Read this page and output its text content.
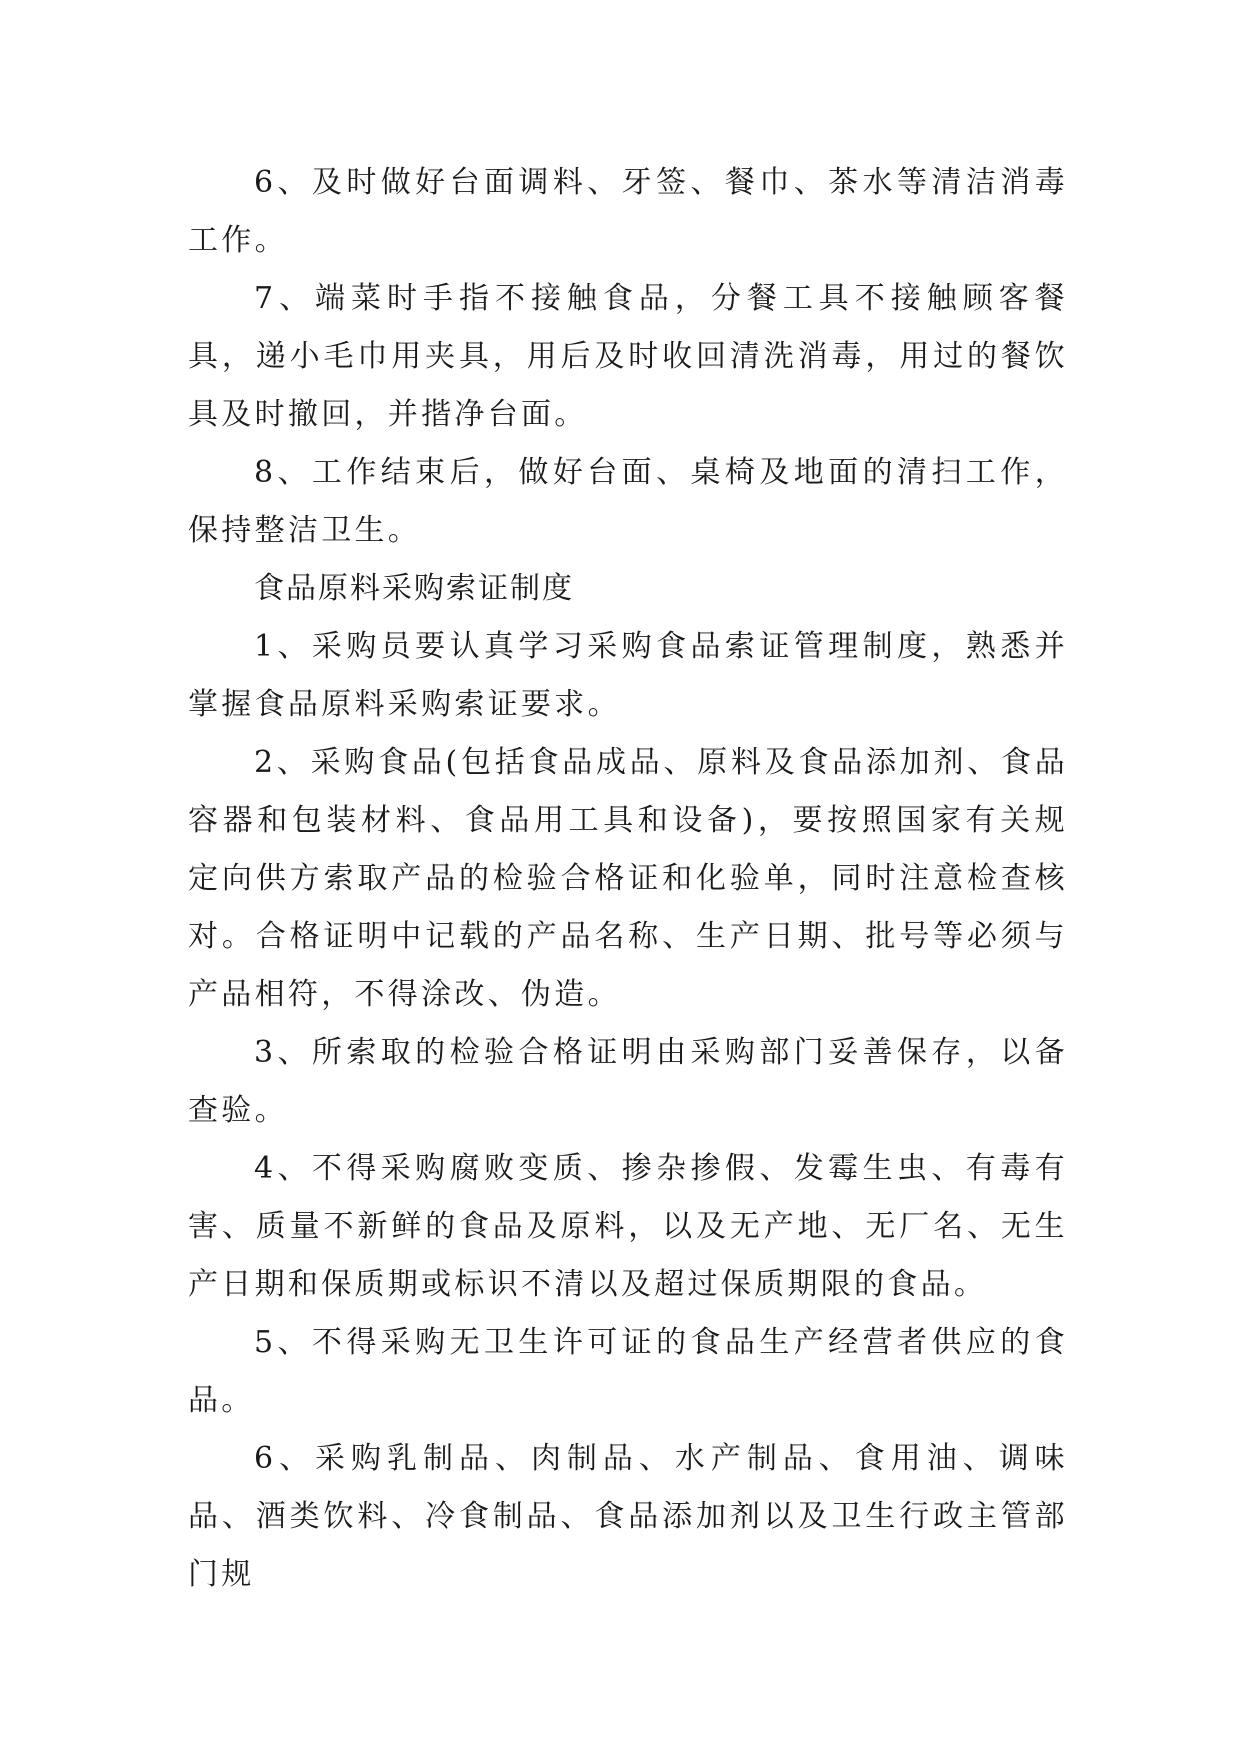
6、及时做好台面调料、牙签、餐巾、茶水等清洁消毒工作。

7、端菜时手指不接触食品，分餐工具不接触顾客餐具，递小毛巾用夹具，用后及时收回清洗消毒，用过的餐饮具及时撤回，并揩净台面。

8、工作结束后，做好台面、桌椅及地面的清扫工作，保持整洁卫生。

食品原料采购索证制度

1、采购员要认真学习采购食品索证管理制度，熟悉并掌握食品原料采购索证要求。

2、采购食品(包括食品成品、原料及食品添加剂、食品容器和包装材料、食品用工具和设备)，要按照国家有关规定向供方索取产品的检验合格证和化验单，同时注意检查核对。合格证明中记载的产品名称、生产日期、批号等必须与产品相符，不得涂改、伪造。

3、所索取的检验合格证明由采购部门妥善保存，以备查验。

4、不得采购腐败变质、掺杂掺假、发霉生虫、有毒有害、质量不新鲜的食品及原料，以及无产地、无厂名、无生产日期和保质期或标识不清以及超过保质期限的食品。

5、不得采购无卫生许可证的食品生产经营者供应的食品。

6、采购乳制品、肉制品、水产制品、食用油、调味品、酒类饮料、冷食制品、食品添加剂以及卫生行政主管部门规
